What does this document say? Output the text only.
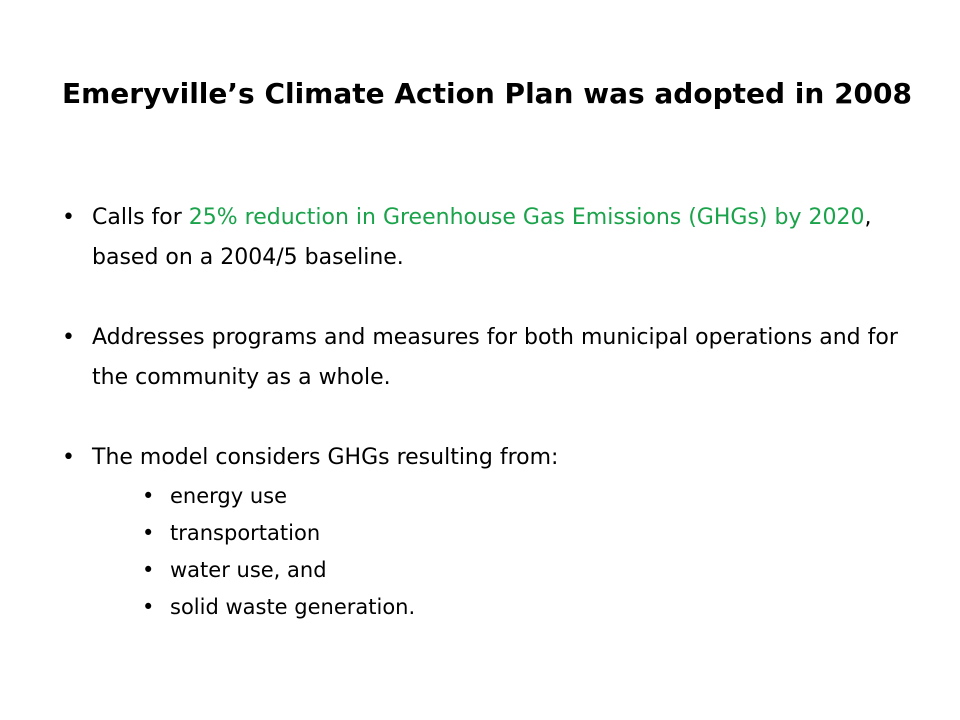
Emeryville’s Climate Action Plan was adopted in 2008
• Calls for 25% reduction in Greenhouse Gas Emissions (GHGs) by 2020, based on a 2004/5 baseline.
• Addresses programs and measures for both municipal operations and for the community as a whole.
• The model considers GHGs resulting from:
• energy use
• transportation
• water use, and
• solid waste generation.
